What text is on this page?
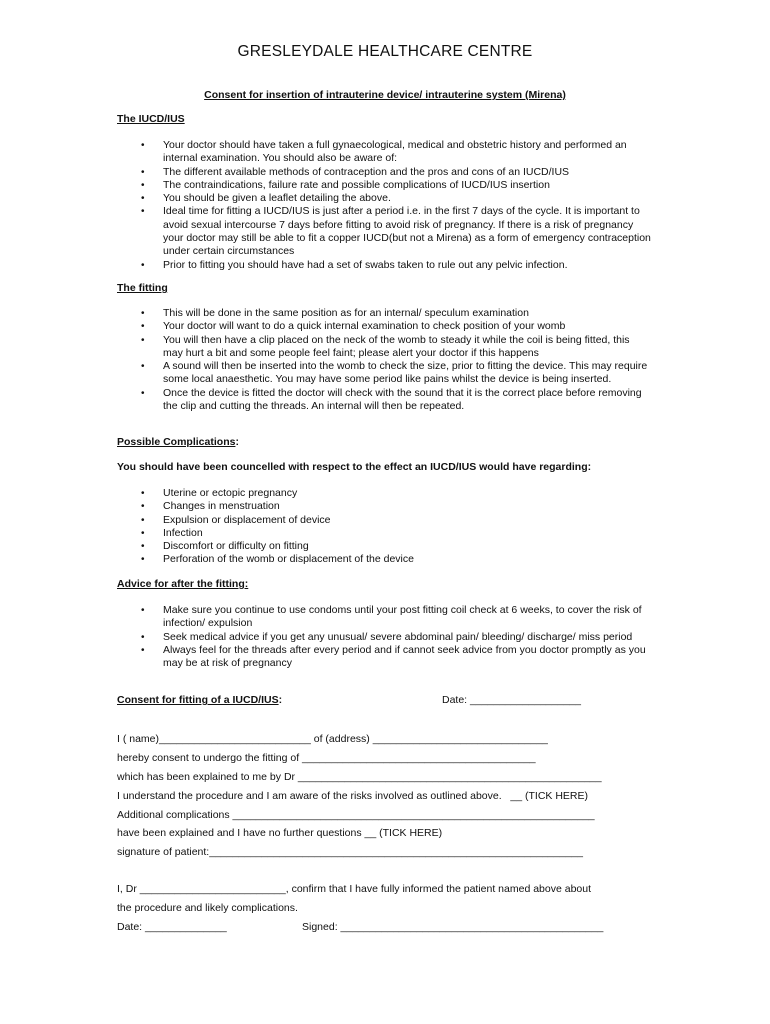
GRESLEYDALE HEALTHCARE CENTRE
Consent for insertion of intrauterine device/ intrauterine system (Mirena)
The IUCD/IUS
• Your doctor should have taken a full gynaecological, medical and obstetric history and performed an internal examination. You should also be aware of:
• The different available methods of contraception and the pros and cons of an IUCD/IUS
• The contraindications, failure rate and possible complications of IUCD/IUS insertion
• You should be given a leaflet detailing the above.
• Ideal time for fitting a IUCD/IUS is just after a period i.e. in the first 7 days of the cycle. It is important to avoid sexual intercourse 7 days before fitting to avoid risk of pregnancy. If there is a risk of pregnancy your doctor may still be able to fit a copper IUCD(but not a Mirena) as a form of emergency contraception under certain circumstances
• Prior to fitting you should have had a set of swabs taken to rule out any pelvic infection.
The fitting
• This will be done in the same position as for an internal/ speculum examination
• Your doctor will want to do a quick internal examination to check position of your womb
• You will then have a clip placed on the neck of the womb to steady it while the coil is being fitted, this may hurt a bit and some people feel faint; please alert your doctor if this happens
• A sound will then be inserted into the womb to check the size, prior to fitting the device. This may require some local anaesthetic. You may have some period like pains whilst the device is being inserted.
• Once the device is fitted the doctor will check with the sound that it is the correct place before removing the clip and cutting the threads. An internal will then be repeated.
Possible Complications:
You should have been councelled with respect to the effect an IUCD/IUS would have regarding:
• Uterine or ectopic pregnancy
• Changes in menstruation
• Expulsion or displacement of device
• Infection
• Discomfort or difficulty on fitting
• Perforation of the womb or displacement of the device
Advice for after the fitting:
• Make sure you continue to use condoms until your post fitting coil check at 6 weeks, to cover the risk of infection/ expulsion
• Seek medical advice if you get any unusual/ severe abdominal pain/ bleeding/ discharge/ miss period
• Always feel for the threads after every period and if cannot seek advice from you doctor promptly as you may be at risk of pregnancy
Consent for fitting of a IUCD/IUS:	Date: ___________________
I ( name)__________________________ of (address) ______________________________
hereby consent to undergo the fitting of ________________________________________
which has been explained to me by Dr ____________________________________________________
I understand the procedure and I am aware of the risks involved as outlined above.   __ (TICK HERE)
Additional complications ______________________________________________________________
have been explained and I have no further questions __ (TICK HERE)
signature of patient:________________________________________________________________
I, Dr _________________________, confirm that I have fully informed the patient named above about
the procedure and likely complications.
Date: ______________	Signed: _____________________________________________
